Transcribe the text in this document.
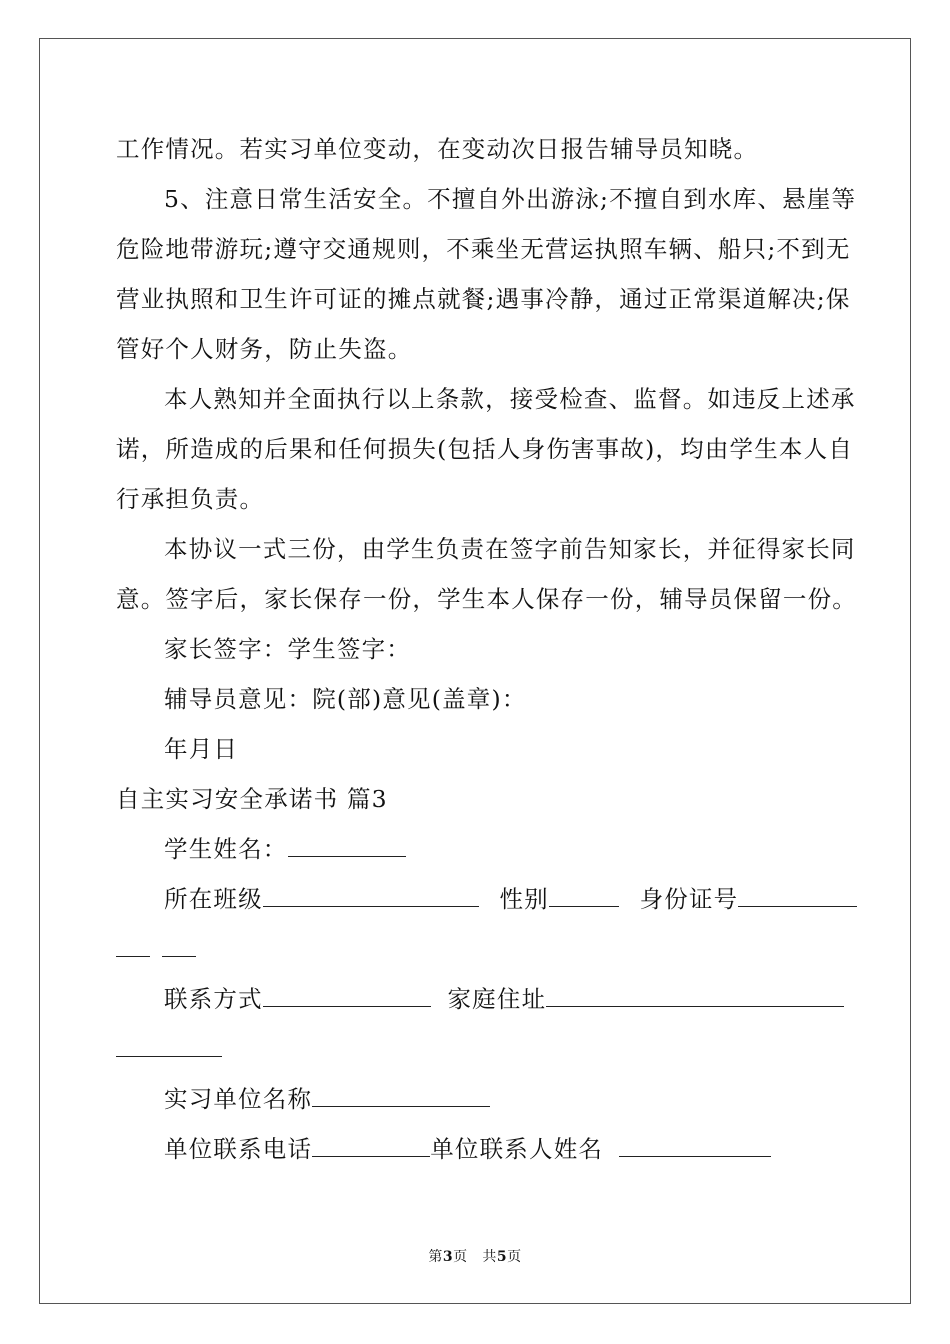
工作情况。若实习单位变动，在变动次日报告辅导员知晓。
5、注意日常生活安全。不擅自外出游泳;不擅自到水库、悬崖等
危险地带游玩;遵守交通规则，不乘坐无营运执照车辆、船只;不到无
营业执照和卫生许可证的摊点就餐;遇事冷静，通过正常渠道解决;保
管好个人财务，防止失盗。
本人熟知并全面执行以上条款，接受检查、监督。如违反上述承
诺，所造成的后果和任何损失(包括人身伤害事故)，均由学生本人自
行承担负责。
本协议一式三份，由学生负责在签字前告知家长，并征得家长同
意。签字后，家长保存一份，学生本人保存一份，辅导员保留一份。
家长签字：学生签字：
辅导员意见：院(部)意见(盖章)：
年月日
自主实习安全承诺书 篇3
学生姓名：
所在班级	性别	身份证号
联系方式	家庭住址
实习单位名称
单位联系电话	单位联系人姓名
第3页   共5页
